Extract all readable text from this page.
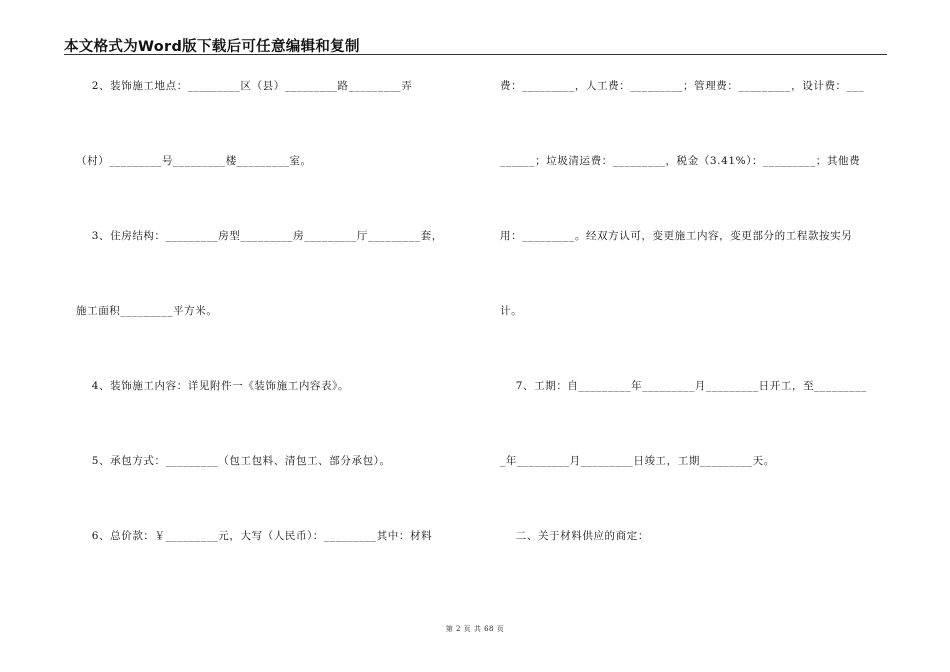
本文格式为Word版下载后可任意编辑和复制
2、装饰施工地点：_________区（县）_________路_________弄
（村）_________号_________楼_________室。
3、住房结构：_________房型_________房_________厅_________套，
施工面积_________平方米。
4、装饰施工内容：详见附件一《装饰施工内容表》。
5、承包方式：_________（包工包料、清包工、部分承包）。
6、总价款：￥_________元，大写（人民币）：_________其中：材料
费：_________，人工费：_________；管理费：_________，设计费：___
______；垃圾清运费：_________，税金（3.41%）：_________；其他费
用：_________。经双方认可，变更施工内容，变更部分的工程款按实另
计。
7、工期：自_________年_________月_________日开工，至_________
_年_________月_________日竣工，工期_________天。
二、关于材料供应的商定：
第 2 页 共 68 页
